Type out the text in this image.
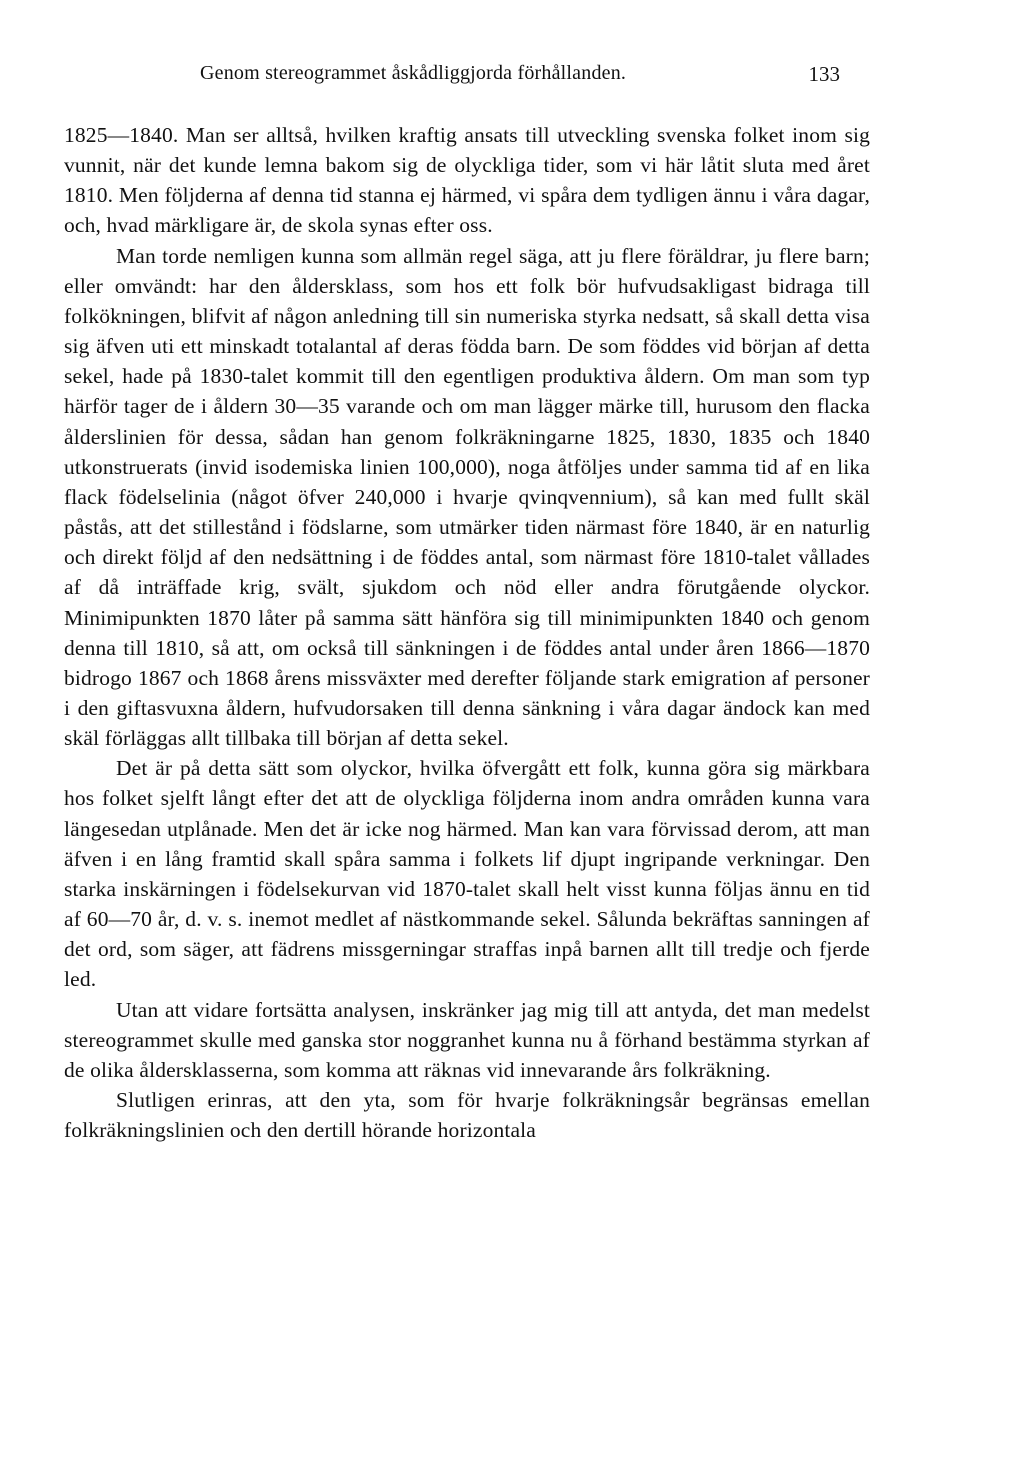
Genom stereogrammet åskådliggjorda förhållanden.	133

1825—1840. Man ser alltså, hvilken kraftig ansats till utveckling svenska folket inom sig vunnit, när det kunde lemna bakom sig de olyckliga tider, som vi här låtit sluta med året 1810. Men följderna af denna tid stanna ej härmed, vi spåra dem tydligen ännu i våra dagar, och, hvad märkligare är, de skola synas efter oss.

Man torde nemligen kunna som allmän regel säga, att ju flere föräldrar, ju flere barn; eller omvändt: har den åldersklass, som hos ett folk bör hufvudsakligast bidraga till folkökningen, blifvit af någon anledning till sin numeriska styrka nedsatt, så skall detta visa sig äfven uti ett minskadt totalantal af deras födda barn. De som föddes vid början af detta sekel, hade på 1830-talet kommit till den egentligen produktiva åldern. Om man som typ härför tager de i åldern 30—35 varande och om man lägger märke till, hurusom den flacka ålderslinien för dessa, sådan han genom folkräkningarne 1825, 1830, 1835 och 1840 utkonstruerats (invid isodemiska linien 100,000), noga åtföljes under samma tid af en lika flack födelselinia (något öfver 240,000 i hvarje qvinqvennium), så kan med fullt skäl påstås, att det stillestånd i födslarne, som utmärker tiden närmast före 1840, är en naturlig och direkt följd af den nedsättning i de föddes antal, som närmast före 1810-talet vållades af då inträffade krig, svält, sjukdom och nöd eller andra förutgående olyckor. Minimipunkten 1870 låter på samma sätt hänföra sig till minimipunkten 1840 och genom denna till 1810, så att, om också till sänkningen i de föddes antal under åren 1866—1870 bidrogo 1867 och 1868 årens missväxter med derefter följande stark emigration af personer i den giftasvuxna åldern, hufvudorsaken till denna sänkning i våra dagar ändock kan med skäl förläggas allt tillbaka till början af detta sekel.

Det är på detta sätt som olyckor, hvilka öfvergått ett folk, kunna göra sig märkbara hos folket sjelft långt efter det att de olyckliga följderna inom andra områden kunna vara längesedan utplånade. Men det är icke nog härmed. Man kan vara förvissad derom, att man äfven i en lång framtid skall spåra samma i folkets lif djupt ingripande verkningar. Den starka inskärningen i födelsekurvan vid 1870-talet skall helt visst kunna följas ännu en tid af 60—70 år, d. v. s. inemot medlet af nästkommande sekel. Sålunda bekräftas sanningen af det ord, som säger, att fädrens missgerningar straffas inpå barnen allt till tredje och fjerde led.

Utan att vidare fortsätta analysen, inskränker jag mig till att antyda, det man medelst stereogrammet skulle med ganska stor noggranhet kunna nu å förhand bestämma styrkan af de olika åldersklasserna, som komma att räknas vid innevarande års folkräkning.

Slutligen erinras, att den yta, som för hvarje folkräkningsår begränsas emellan folkräkningslinien och den dertill hörande horizontala
